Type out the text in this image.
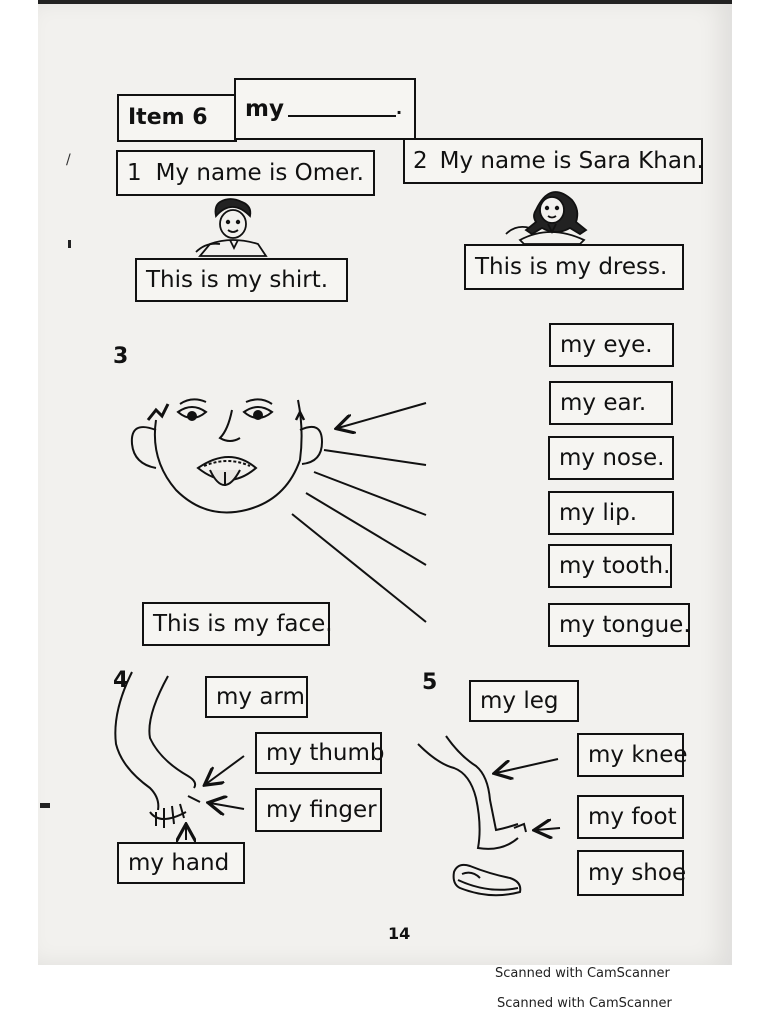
Item 6 my	.
1 My name is Omer.
This is my shirt.
2 My name is Sara Khan.
This is my dress.
3	my eye.
my ear.
my nose.
my lip.
my tooth.
my tongue.
This is my face.
4
my arm
my thumb
my finger
my hand
5
my leg
my knee
my foot
my shoe
/
14
Scanned with CamScanner
Scanned with CamScanner
